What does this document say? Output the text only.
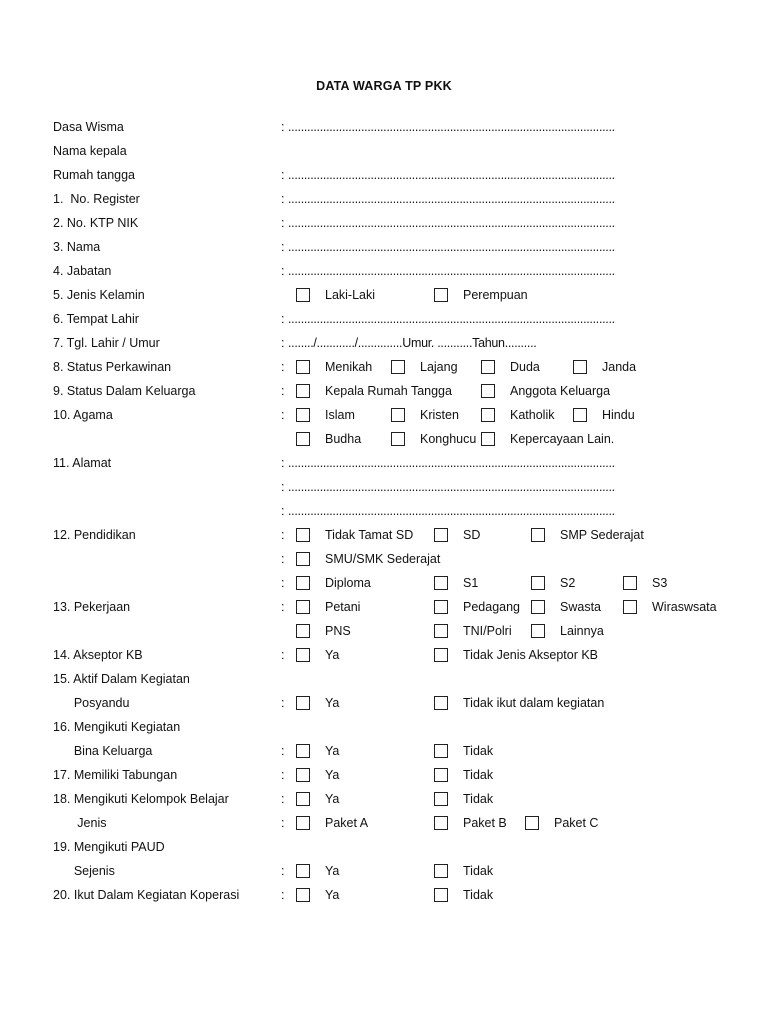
DATA WARGA TP PKK
Dasa Wisma	: .......................................................................................................
Nama kepala
Rumah tangga	: .......................................................................................................
1.  No. Register	: .......................................................................................................
2. No. KTP NIK	: .......................................................................................................
3. Nama	: .......................................................................................................
4. Jabatan	: .......................................................................................................
5. Jenis Kelamin	Laki-Laki	Perempuan
6. Tempat Lahir	: .......................................................................................................
7. Tgl. Lahir / Umur	: ......../............/..............Umur. ...........Tahun..........
8. Status Perkawinan	:	Menikah	Lajang	Duda	Janda
9. Status Dalam Keluarga	:	Kepala Rumah Tangga	Anggota Keluarga
10. Agama	:	Islam	Kristen	Katholik	Hindu
Budha	Konghucu	Kepercayaan Lain.
11. Alamat	: .......................................................................................................
: .......................................................................................................
: .......................................................................................................
12. Pendidikan	:	Tidak Tamat SD	SD	SMP Sederajat
:	SMU/SMK Sederajat
:	Diploma	S1	S2	S3
13. Pekerjaan	:	Petani	Pedagang	Swasta	Wiraswsata
PNS	TNI/Polri	Lainnya
14. Akseptor KB	:	Ya	Tidak Jenis Akseptor KB
15. Aktif Dalam Kegiatan
Posyandu	:	Ya	Tidak ikut dalam kegiatan
16. Mengikuti Kegiatan
Bina Keluarga	:	Ya	Tidak
17. Memiliki Tabungan	:	Ya	Tidak
18. Mengikuti Kelompok Belajar	:	Ya	Tidak
Jenis	:	Paket A	Paket B	Paket C
19. Mengikuti PAUD
Sejenis	:	Ya	Tidak
20. Ikut Dalam Kegiatan Koperasi	:	Ya	Tidak
